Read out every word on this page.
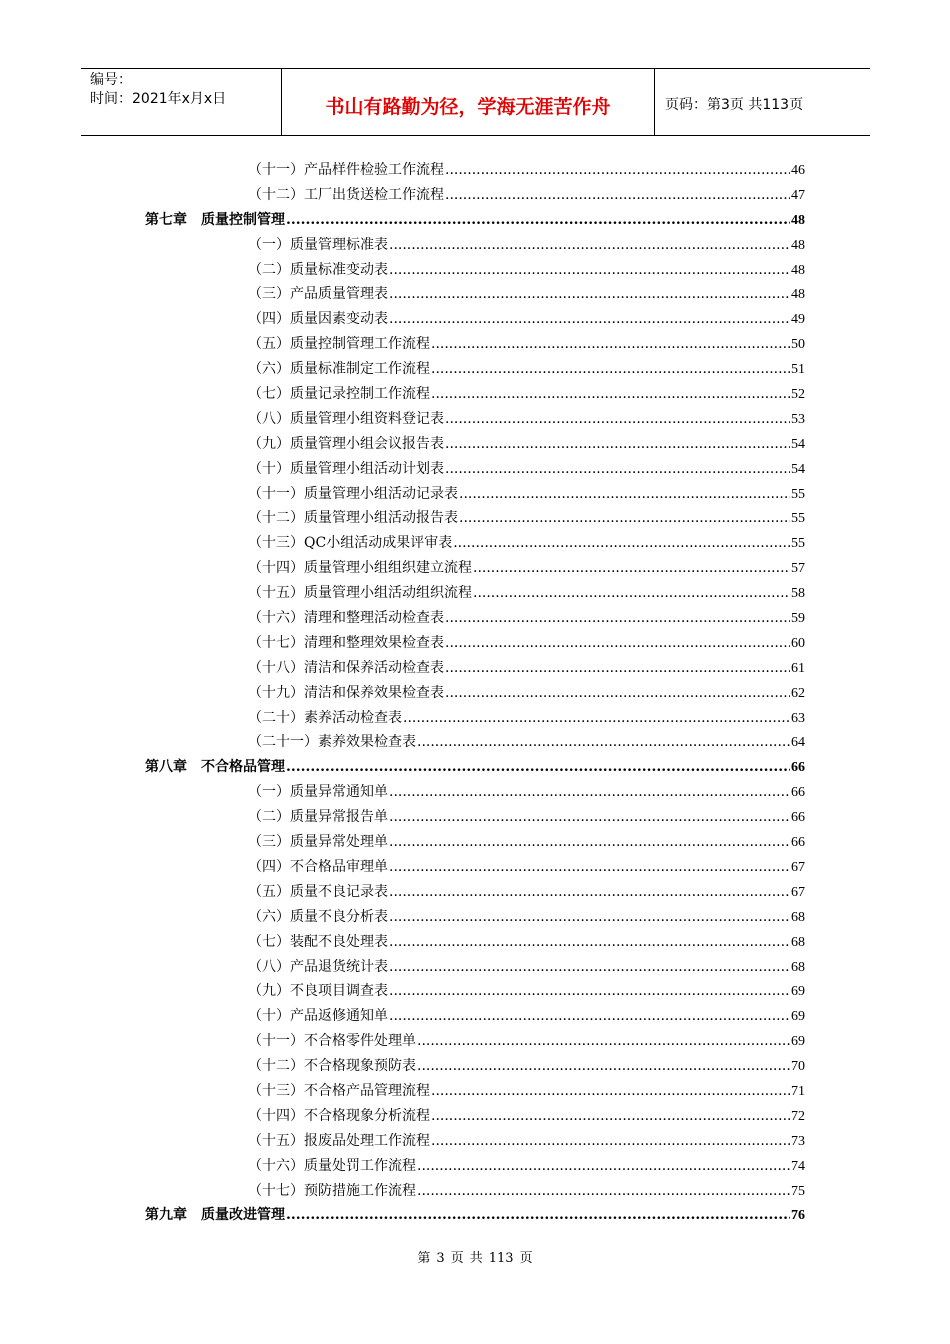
编号：
时间：2021年x月x日	书山有路勤为径，学海无涯苦作舟	页码：第3页 共113页
（十一）产品样件检验工作流程 .....	46
（十二）工厂出货送检工作流程 .....	47
第七章　质量控制管理 .....	48
（一）质量管理标准表 .....	48
（二）质量标准变动表 .....	48
（三）产品质量管理表 .....	48
（四）质量因素变动表 .....	49
（五）质量控制管理工作流程 .....	50
（六）质量标准制定工作流程 .....	51
（七）质量记录控制工作流程 .....	52
（八）质量管理小组资料登记表 .....	53
（九）质量管理小组会议报告表 .....	54
（十）质量管理小组活动计划表 .....	54
（十一）质量管理小组活动记录表 .....	55
（十二）质量管理小组活动报告表 .....	55
（十三）QC小组活动成果评审表 .....	55
（十四）质量管理小组组织建立流程 .....	57
（十五）质量管理小组活动组织流程 .....	58
（十六）清理和整理活动检查表 .....	59
（十七）清理和整理效果检查表 .....	60
（十八）清洁和保养活动检查表 .....	61
（十九）清洁和保养效果检查表 .....	62
（二十）素养活动检查表 .....	63
（二十一）素养效果检查表 .....	64
第八章　不合格品管理 .....	66
（一）质量异常通知单 .....	66
（二）质量异常报告单 .....	66
（三）质量异常处理单 .....	66
（四）不合格品审理单 .....	67
（五）质量不良记录表 .....	67
（六）质量不良分析表 .....	68
（七）装配不良处理表 .....	68
（八）产品退货统计表 .....	68
（九）不良项目调查表 .....	69
（十）产品返修通知单 .....	69
（十一）不合格零件处理单 .....	69
（十二）不合格现象预防表 .....	70
（十三）不合格产品管理流程 .....	71
（十四）不合格现象分析流程 .....	72
（十五）报废品处理工作流程 .....	73
（十六）质量处罚工作流程 .....	74
（十七）预防措施工作流程 .....	75
第九章　质量改进管理 .....	76
第 3 页 共 113 页
